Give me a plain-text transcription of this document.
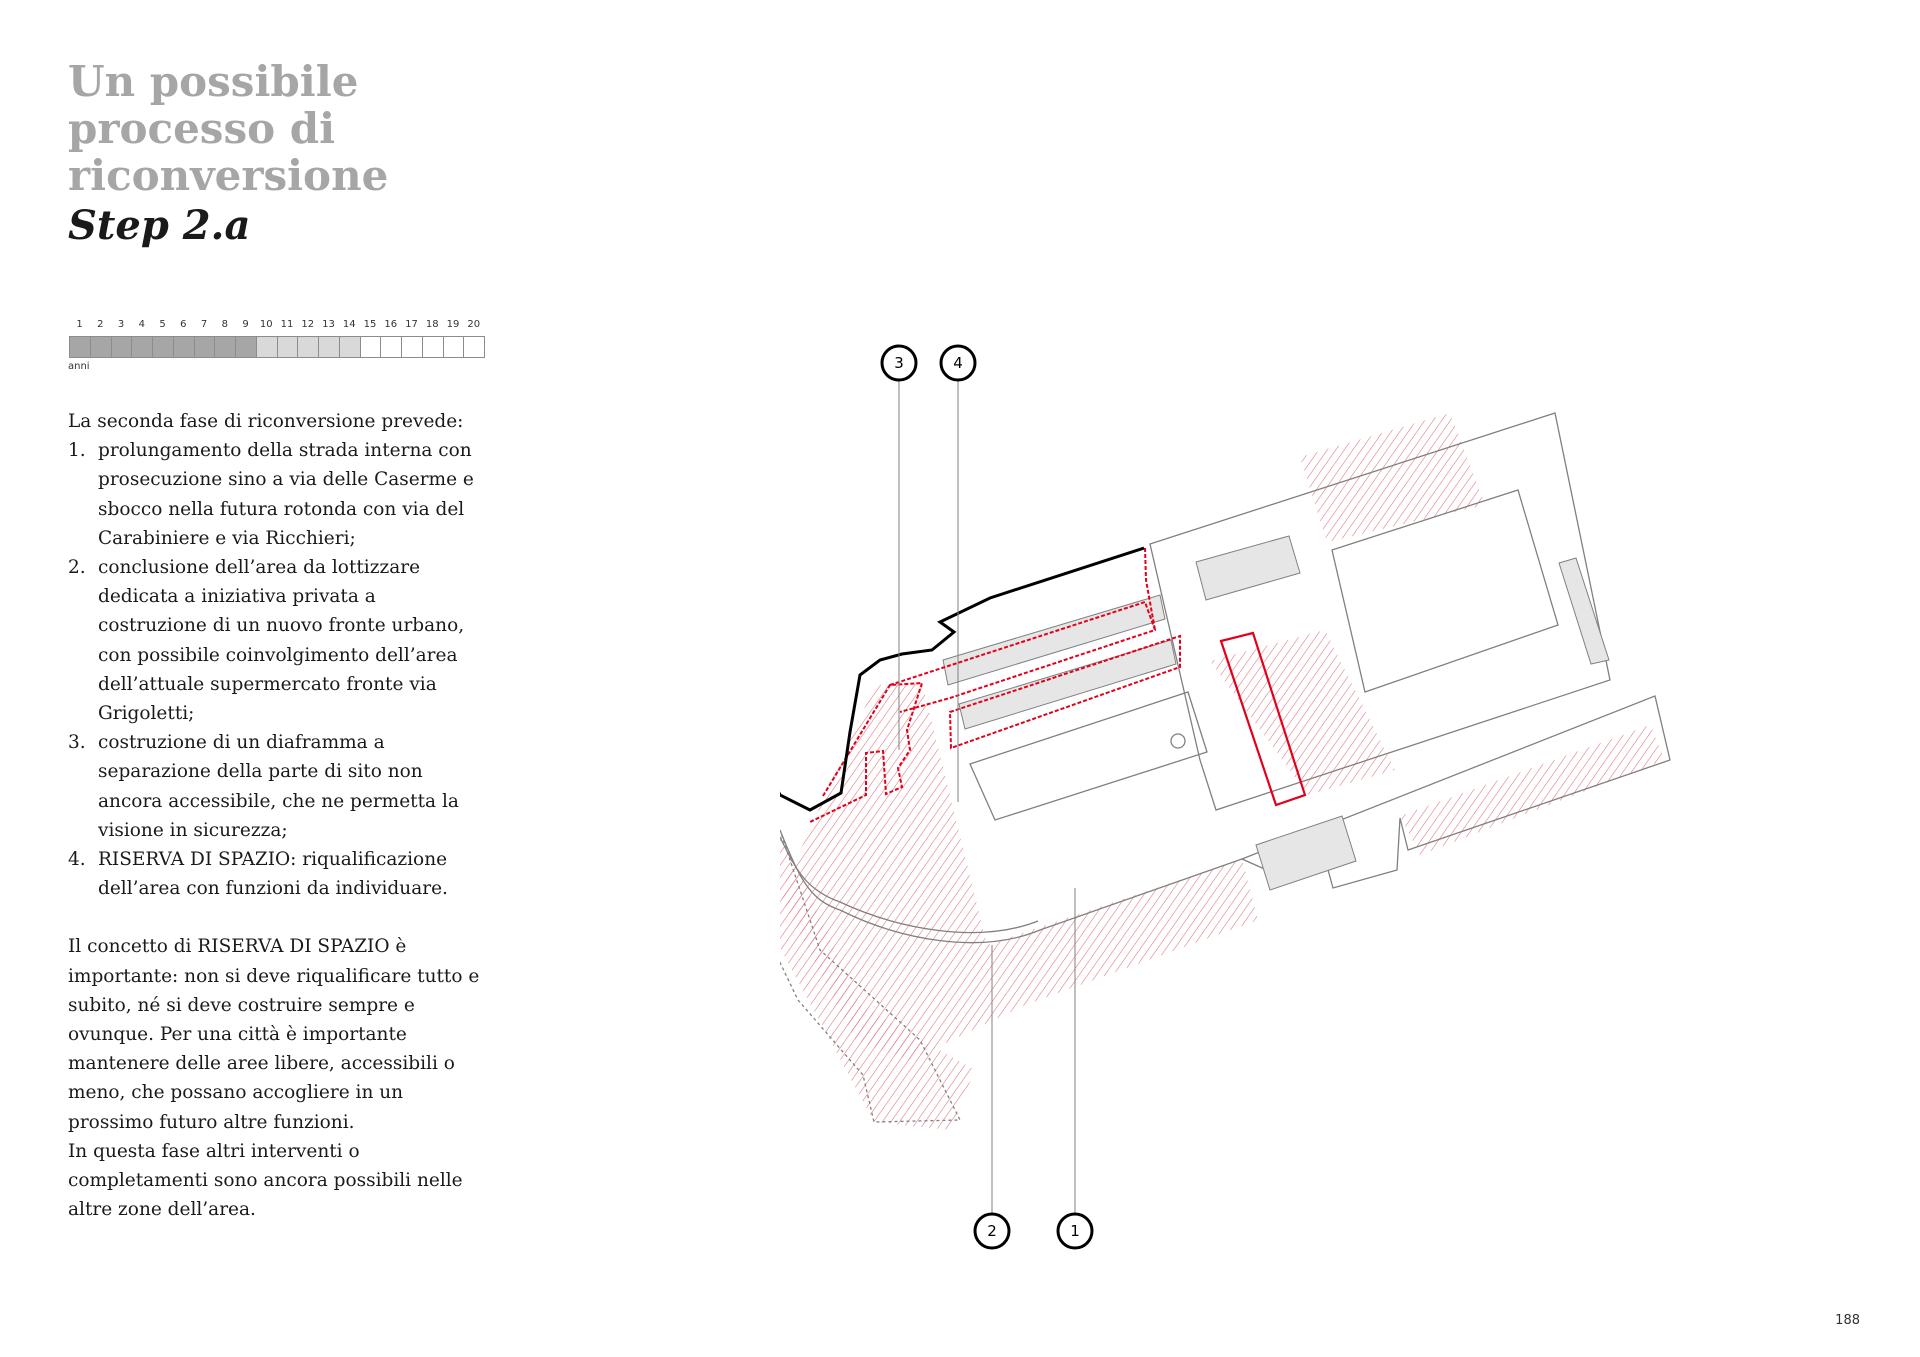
Un possibile
processo di
riconversione
Step 2.a
1	2	3	4	5	6	7	8	9	10 11 12 13 14 15 16 17 18 19 20
anni

La seconda fase di riconversione prevede:

1. prolungamento della strada interna con prosecuzione sino a via delle Caserme e sbocco nella futura rotonda con via del Carabiniere e via Ricchieri;
2. conclusione dell’area da lottizzare dedicata a iniziativa privata a costruzione di un nuovo fronte urbano, con possibile coinvolgimento dell’area dell’attuale supermercato fronte via Grigoletti;
3. costruzione di un diaframma a separazione della parte di sito non ancora accessibile, che ne permetta la visione in sicurezza;
4. RISERVA DI SPAZIO: riqualificazione dell’area con funzioni da individuare.

Il concetto di RISERVA DI SPAZIO è importante: non si deve riqualificare tutto e subito, né si deve costruire sempre e ovunque. Per una città è importante mantenere delle aree libere, accessibili o meno, che possano accogliere in un prossimo futuro altre funzioni.

In questa fase altri interventi o completamenti sono ancora possibili nelle altre zone dell’area.

3	4
2	1
188
